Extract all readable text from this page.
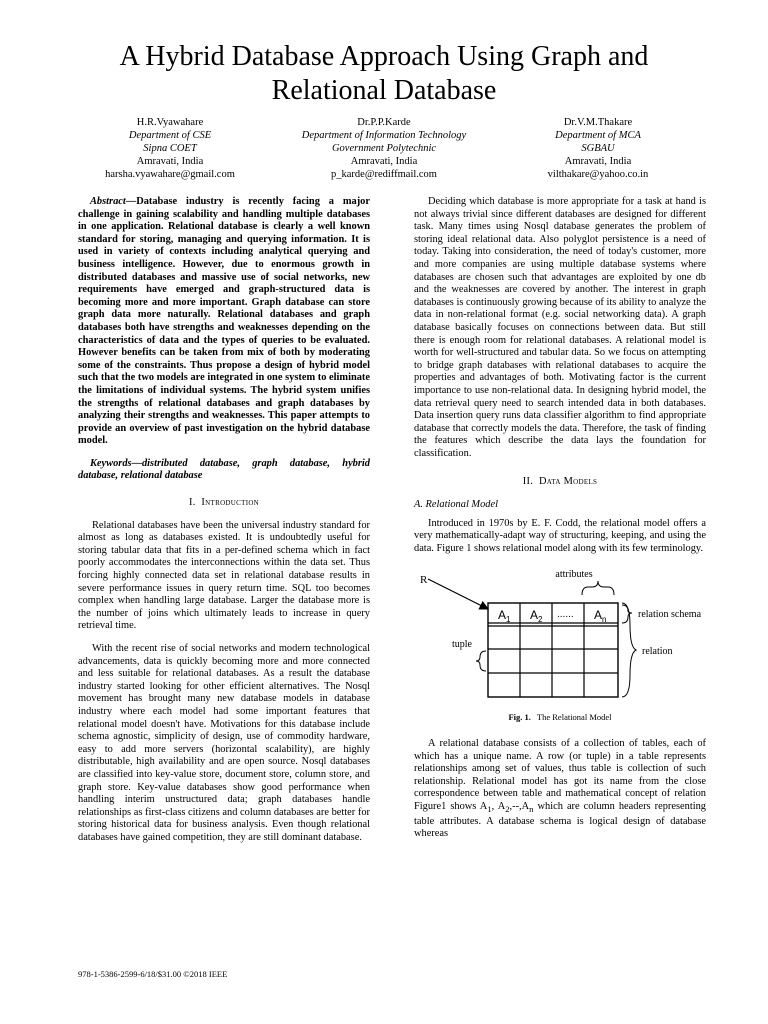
A Hybrid Database Approach Using Graph and Relational Database
H.R.Vyawahare
Department of CSE
Sipna COET
Amravati, India
harsha.vyawahare@gmail.com
Dr.P.P.Karde
Department of Information Technology
Government Polytechnic
Amravati, India
p_karde@rediffmail.com
Dr.V.M.Thakare
Department of MCA
SGBAU
Amravati, India
vilthakare@yahoo.co.in

Abstract—Database industry is recently facing a major challenge in gaining scalability and handling multiple databases in one application. Relational database is clearly a well known standard for storing, managing and querying information. It is used in variety of contexts including analytical querying and business intelligence. However, due to enormous growth in distributed databases and massive use of social networks, new requirements have emerged and graph-structured data is becoming more and more important. Graph database can store graph data more naturally. Relational databases and graph databases both have strengths and weaknesses depending on the characteristics of data and the types of queries to be evaluated. However benefits can be taken from mix of both by moderating some of the constraints. Thus propose a design of hybrid model such that the two models are integrated in one system to eliminate the limitations of individual systems. The hybrid system unifies the strengths of relational databases and graph databases by analyzing their strengths and weaknesses. This paper attempts to provide an overview of past investigation on the hybrid database model.

Keywords—distributed database, graph database, hybrid database, relational database

I. Introduction

Relational databases have been the universal industry standard for almost as long as databases existed. It is undoubtedly useful for storing tabular data that fits in a per-defined schema which in fact poorly accommodates the interconnections within the data set. Thus forcing highly connected data set in relational database results in severe performance issues in query return time. SQL too becomes complex when handling large database. Larger the database more is the number of joins which ultimately leads to increase in query retrieval time.

With the recent rise of social networks and modern technological advancements, data is quickly becoming more and more connected and less suitable for relational databases. As a result the database industry started looking for other efficient alternatives. The Nosql movement has brought many new database models in database industry where each model had some important features that relational model doesn't have. Motivations for this database include schema agnostic, simplicity of design, use of commodity hardware, easy to add more servers (horizontal scalability), are highly distributable, high availability and are open source. Nosql databases are classified into key-value store, document store, column store, and graph store. Key-value databases show good performance when handling interim unstructured data; graph databases handle relationships as first-class citizens and column databases are better for storing historical data for business analysis. Even though relational databases have gained competition, they are still dominant database.

Deciding which database is more appropriate for a task at hand is not always trivial since different databases are designed for different task. Many times using Nosql database generates the problem of storing ideal relational data. Also polyglot persistence is a need of today. Taking into consideration, the need of today's customer, more and more companies are using multiple database systems where databases are chosen such that advantages are exploited by one db and the weaknesses are covered by another. The interest in graph databases is continuously growing because of its ability to analyze the data in non-relational format (e.g. social networking data). A graph database basically focuses on connections between data. But still there is enough room for relational databases. A relational model is worth for well-structured and tabular data. So we focus on attempting to bridge graph databases with relational databases to acquire the properties and advantages of both. Motivating factor is the current importance to use non-relational data. In designing hybrid model, the data retrieval query need to search intended data in both databases. Data insertion query runs data classifier algorithm to find appropriate database that correctly models the data. Therefore, the task of finding the features which describe the data lays the foundation for classification.

II. Data Models
A. Relational Model

Introduced in 1970s by E. F. Codd, the relational model offers a very mathematically-adapt way of structuring, keeping, and using the data. Figure 1 shows relational model along with its few terminology.

attributes
R
$A_1$ $A_2$ ...... $A_n$	relation schema
relation
tuple
Fig. 1. The Relational Model

A relational database consists of a collection of tables, each of which has a unique name. A row (or tuple) in a table represents relationships among set of values, thus table is collection of such relationship. Relational model has got its name from the close correspondence between table and mathematical concept of relation Figure1 shows $A_1$, $A_2,--,A_n$ which are column headers representing table attributes. A database schema is logical design of database whereas

978-1-5386-2599-6/18/$31.00 ©2018 IEEE
